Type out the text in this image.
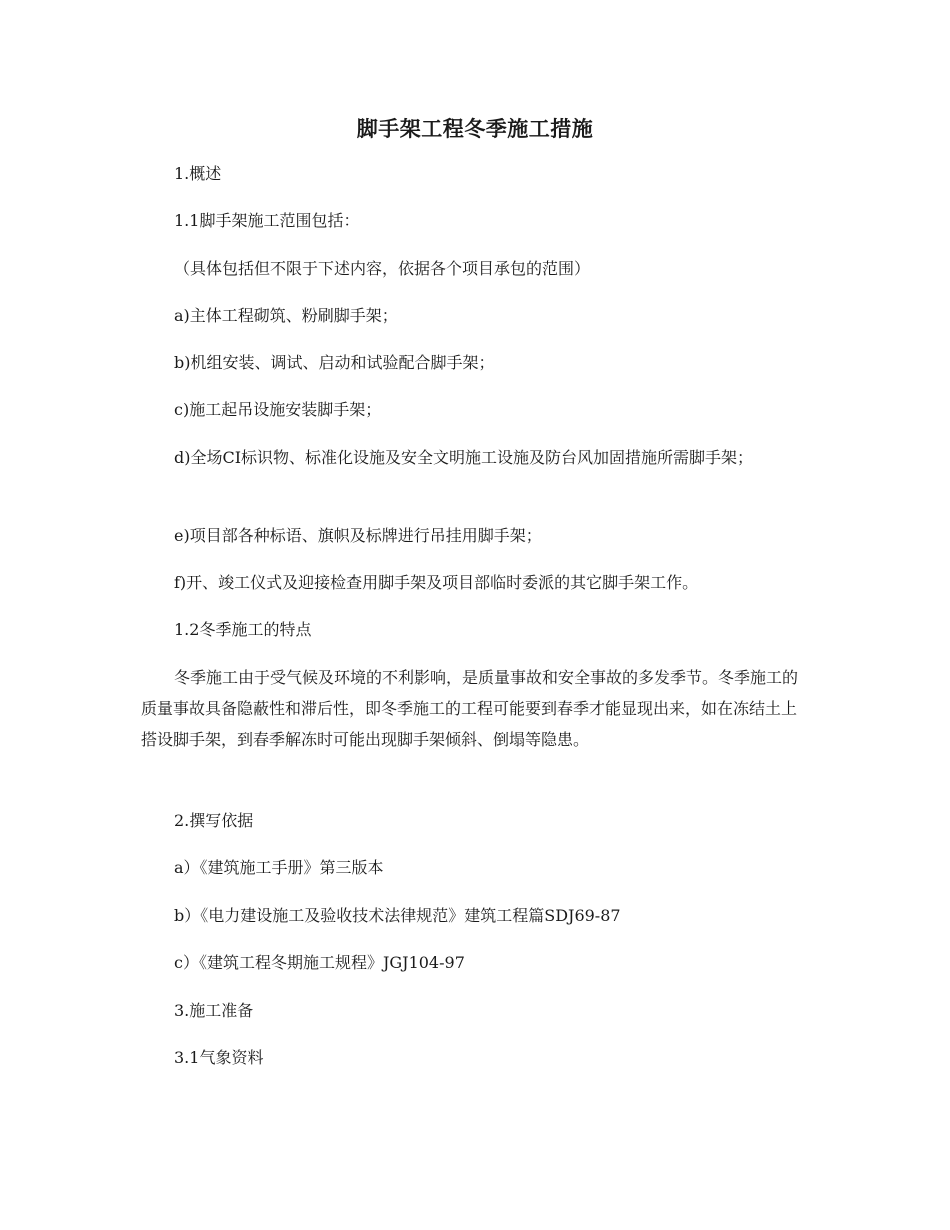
脚手架工程冬季施工措施

1.概述

1.1脚手架施工范围包括：

（具体包括但不限于下述内容，依据各个项目承包的范围）

a)主体工程砌筑、粉刷脚手架；

b)机组安装、调试、启动和试验配合脚手架；

c)施工起吊设施安装脚手架；

d)全场CI标识物、标准化设施及安全文明施工设施及防台风加固措施所需脚手架；

e)项目部各种标语、旗帜及标牌进行吊挂用脚手架；

f)开、竣工仪式及迎接检查用脚手架及项目部临时委派的其它脚手架工作。

1.2冬季施工的特点

冬季施工由于受气候及环境的不利影响，是质量事故和安全事故的多发季节。冬季施工的质量事故具备隐蔽性和滞后性，即冬季施工的工程可能要到春季才能显现出来，如在冻结土上搭设脚手架，到春季解冻时可能出现脚手架倾斜、倒塌等隐患。

2.撰写依据

a）《建筑施工手册》第三版本

b）《电力建设施工及验收技术法律规范》建筑工程篇SDJ69-87

c）《建筑工程冬期施工规程》JGJ104-97

3.施工准备

3.1气象资料
